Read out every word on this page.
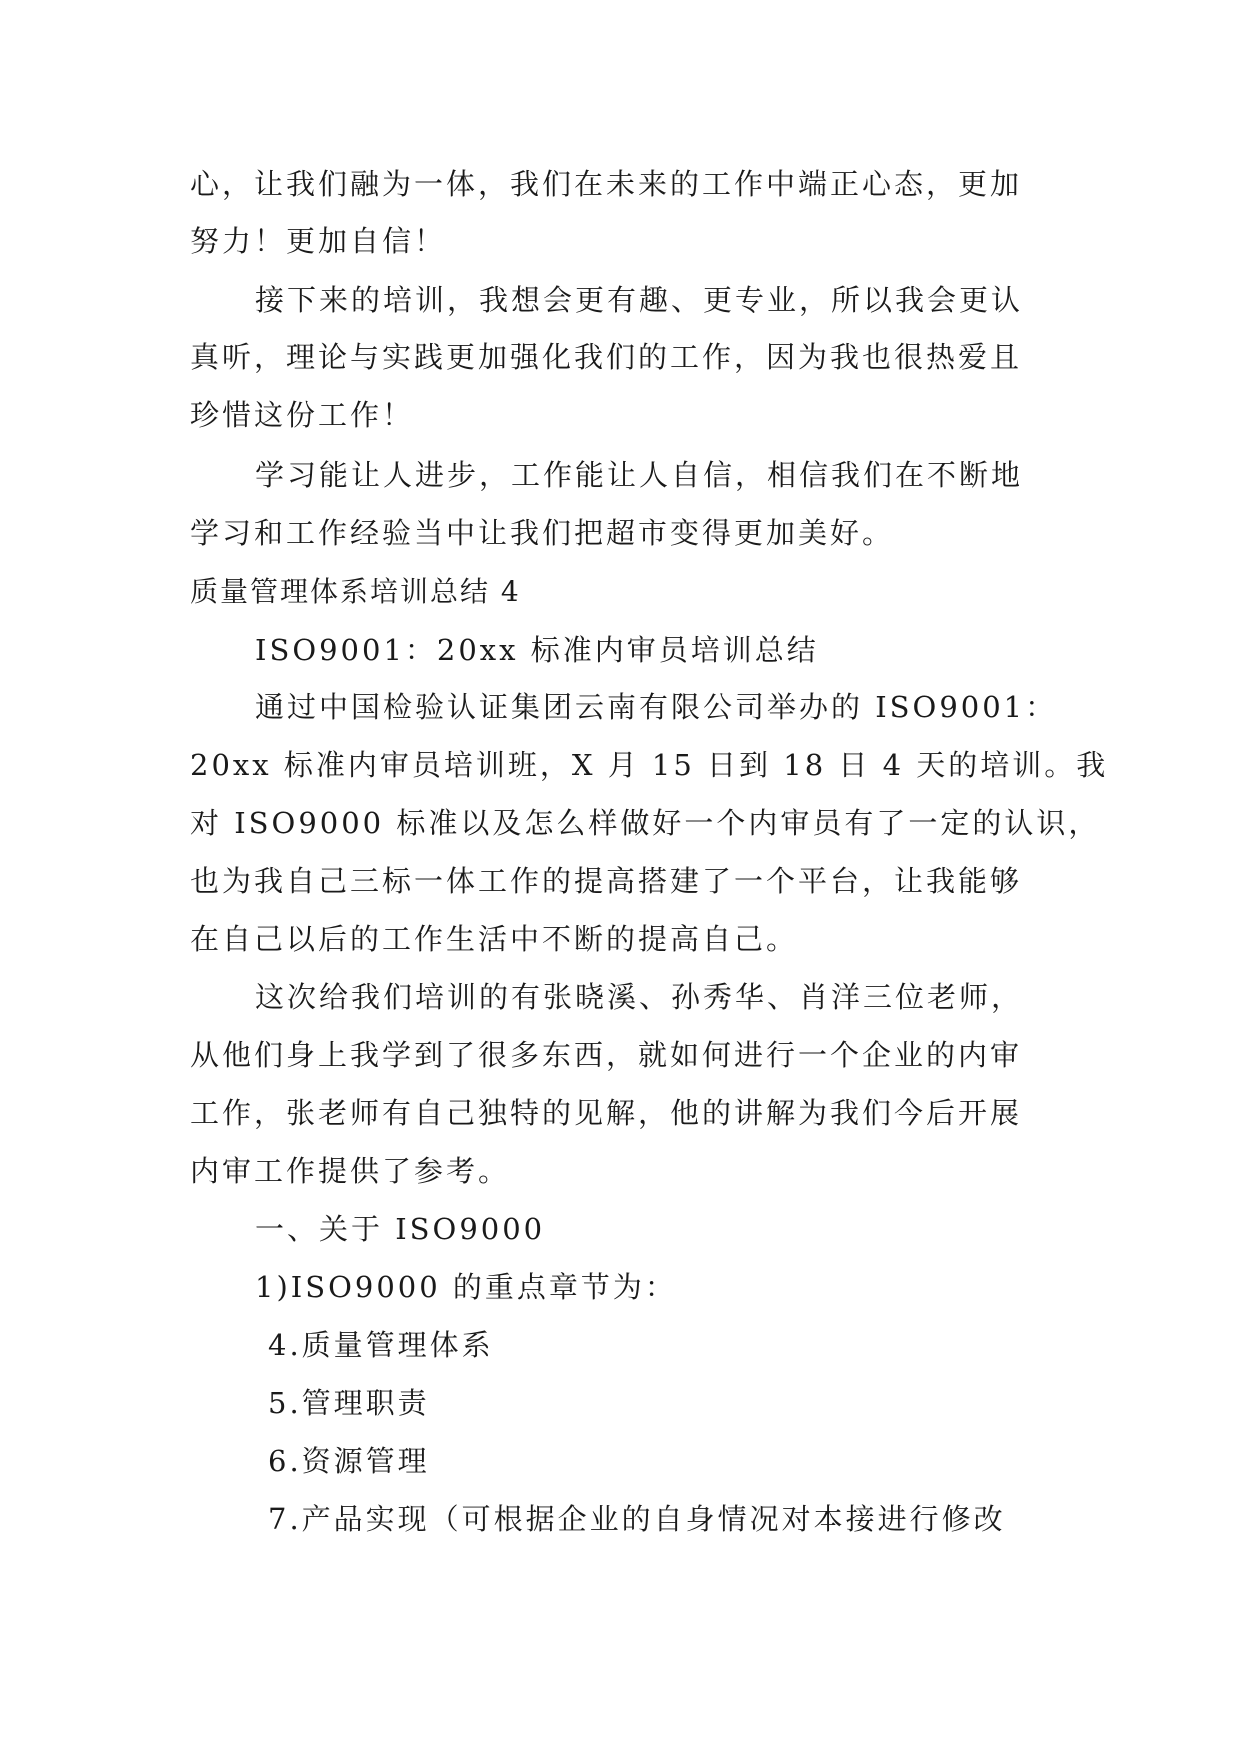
心，让我们融为一体，我们在未来的工作中端正心态，更加
努力！更加自信！
接下来的培训，我想会更有趣、更专业，所以我会更认
真听，理论与实践更加强化我们的工作，因为我也很热爱且
珍惜这份工作！
学习能让人进步，工作能让人自信，相信我们在不断地
学习和工作经验当中让我们把超市变得更加美好。
质量管理体系培训总结 4
ISO9001：20xx 标准内审员培训总结
通过中国检验认证集团云南有限公司举办的 ISO9001：
20xx 标准内审员培训班，X 月 15 日到 18 日 4 天的培训。我
对 ISO9000 标准以及怎么样做好一个内审员有了一定的认识，
也为我自己三标一体工作的提高搭建了一个平台，让我能够
在自己以后的工作生活中不断的提高自己。
这次给我们培训的有张晓溪、孙秀华、肖洋三位老师，
从他们身上我学到了很多东西，就如何进行一个企业的内审
工作，张老师有自己独特的见解，他的讲解为我们今后开展
内审工作提供了参考。
一、关于 ISO9000
1)ISO9000 的重点章节为：
4.质量管理体系
5.管理职责
6.资源管理
7.产品实现（可根据企业的自身情况对本接进行修改
